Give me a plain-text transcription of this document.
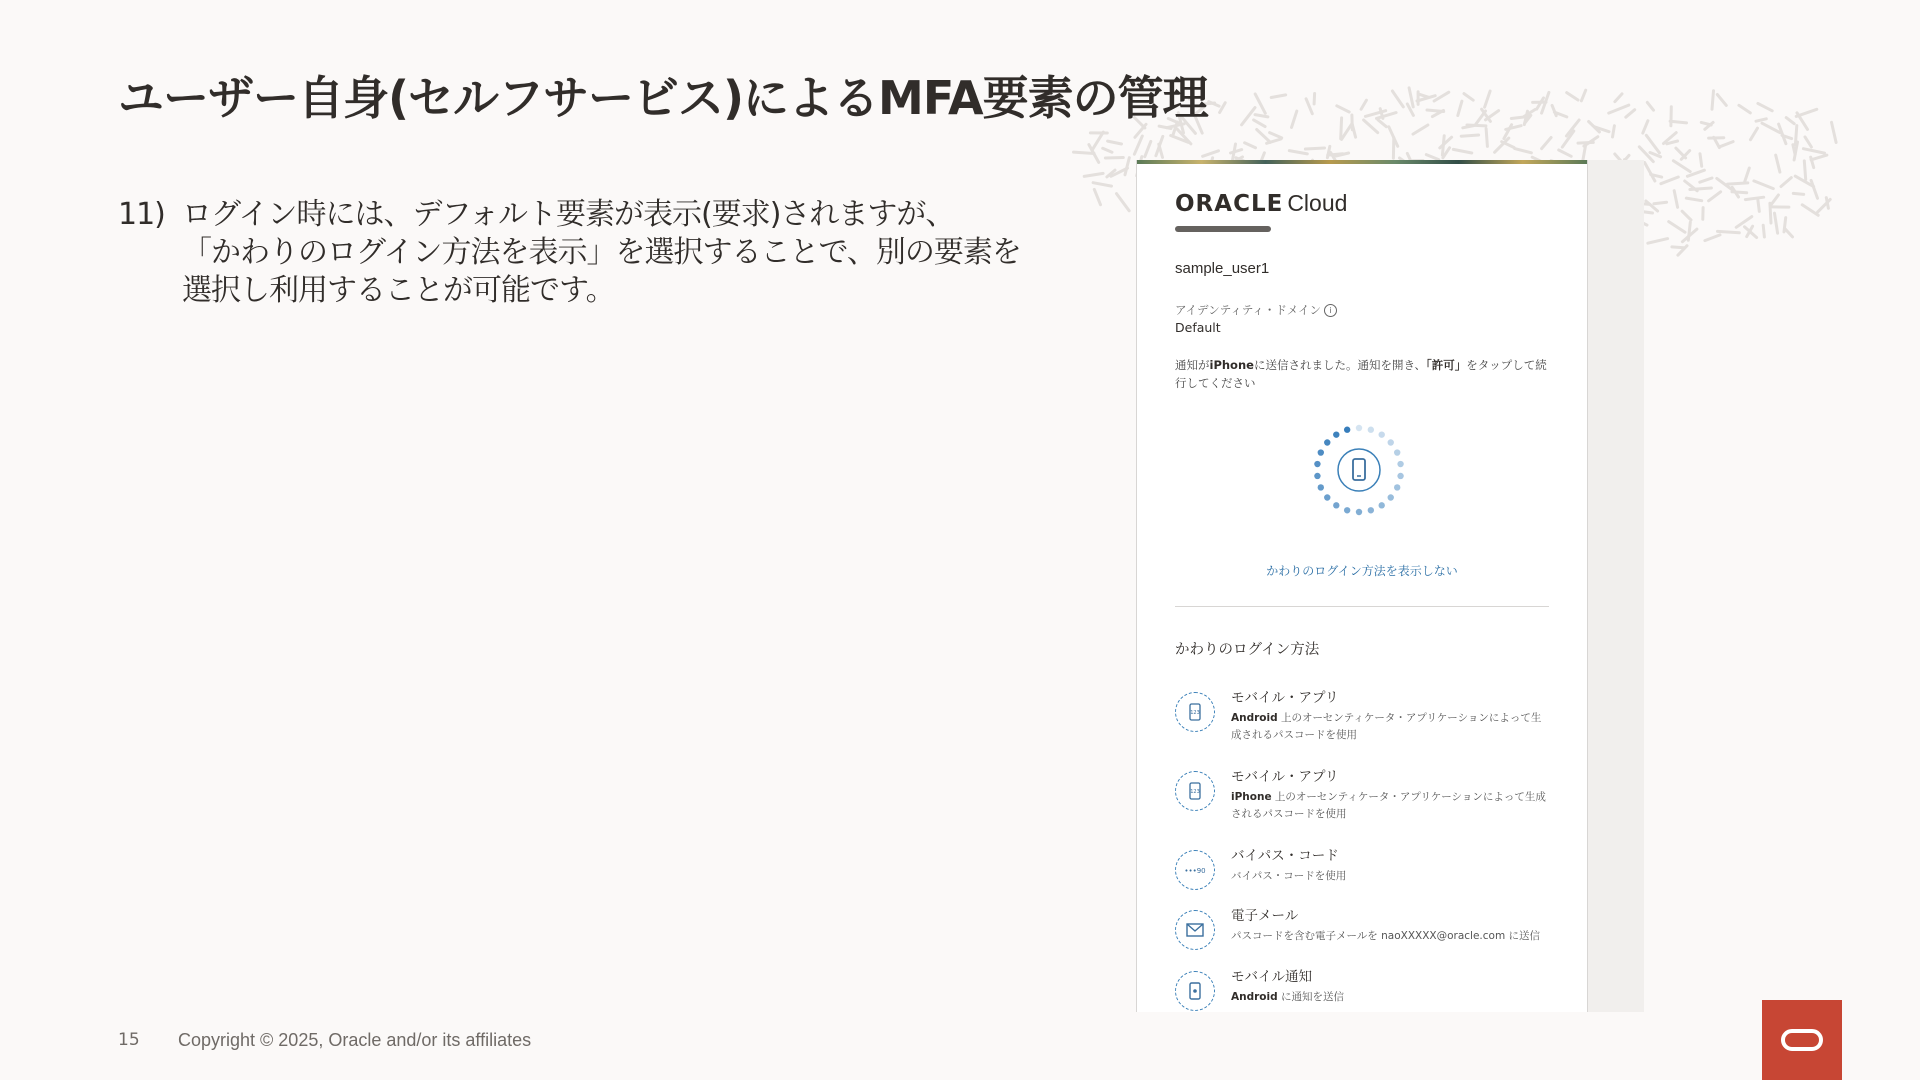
ユーザー自身(セルフサービス)によるMFA要素の管理
11) ログイン時には、デフォルト要素が表示(要求)されますが、
「かわりのログイン方法を表示」を選択することで、別の要素を
選択し利用することが可能です。
ORACLE Cloud
sample_user1
アイデンティティ・ドメイン	i
Default
通知がiPhoneに送信されました。通知を開き、「許可」をタップして続行してください
かわりのログイン方法を表示しない
かわりのログイン方法
123
モバイル・アプリ
Android 上のオーセンティケータ・アプリケーションによって生成されるパスコードを使用
123
モバイル・アプリ
iPhone 上のオーセンティケータ・アプリケーションによって生成されるパスコードを使用
•••90
バイパス・コード
バイパス・コードを使用
電子メール
パスコードを含む電子メールを naoXXXXX@oracle.com に送信
モバイル通知
Android に通知を送信
15 Copyright © 2025, Oracle and/or its affiliates
